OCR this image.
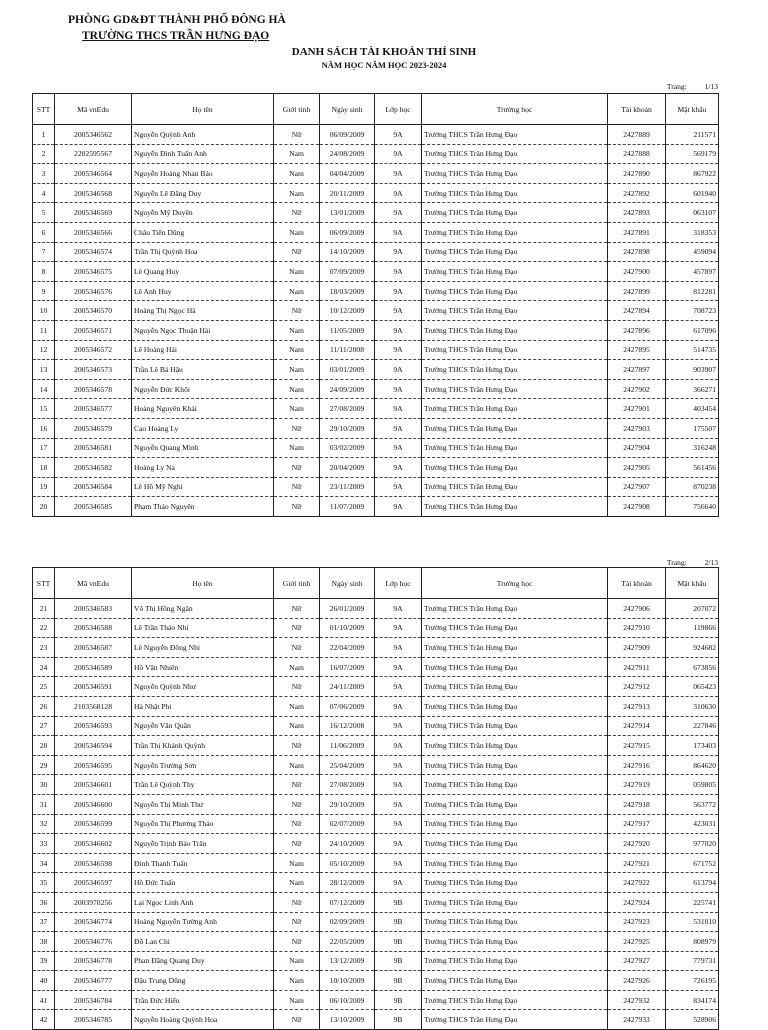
PHÒNG GD&ĐT THÀNH PHỐ ĐÔNG HÀ
TRƯỜNG THCS TRẦN HƯNG ĐẠO
DANH SÁCH TÀI KHOẢN THÍ SINH
NĂM HỌC NĂM HỌC 2023-2024
Trang: 1/13
STT	Mã vnEdu	Họ tên	Giới tính	Ngày sinh	Lớp học	Trường học	Tài khoản	Mật khẩu
1	2005346562	Nguyễn Quỳnh Anh	Nữ	06/09/2009	9A	Trường THCS Trần Hưng Đạo	2427889	211571
2	2202595567	Nguyễn Đình Tuấn Anh	Nam	24/08/2009	9A	Trường THCS Trần Hưng Đạo	2427888	569179
3	2005346564	Nguyễn Hoàng Nhan Bảo	Nam	04/04/2009	9A	Trường THCS Trần Hưng Đạo	2427890	867922
4	2005346568	Nguyễn Lê Đăng Duy	Nam	20/11/2009	9A	Trường THCS Trần Hưng Đạo	2427892	601940
5	2005346569	Nguyễn Mỹ Duyên	Nữ	13/01/2009	9A	Trường THCS Trần Hưng Đạo	2427893	063107
6	2005346566	Châu Tiến Dũng	Nam	06/09/2009	9A	Trường THCS Trần Hưng Đạo	2427891	318353
7	2005346574	Trần Thị Quỳnh Hoa	Nữ	14/10/2009	9A	Trường THCS Trần Hưng Đạo	2427898	459094
8	2005346575	Lê Quang Huy	Nam	07/09/2009	9A	Trường THCS Trần Hưng Đạo	2427900	457897
9	2005346576	Lê Anh Huy	Nam	18/03/2009	9A	Trường THCS Trần Hưng Đạo	2427899	812281
10	2005346570	Hoàng Thị Ngọc Hà	Nữ	10/12/2009	9A	Trường THCS Trần Hưng Đạo	2427894	708723
11	2005346571	Nguyễn Ngọc Thuận Hải	Nam	11/05/2009	9A	Trường THCS Trần Hưng Đạo	2427896	617096
12	2005346572	Lê Hoàng Hải	Nam	11/11/2008	9A	Trường THCS Trần Hưng Đạo	2427895	514735
13	2005346573	Trần Lê Bá Hậu	Nam	03/01/2009	9A	Trường THCS Trần Hưng Đạo	2427897	903907
14	2005346578	Nguyễn Đức Khôi	Nam	24/09/2009	9A	Trường THCS Trần Hưng Đạo	2427902	366271
15	2005346577	Hoàng Nguyên Khải	Nam	27/08/2009	9A	Trường THCS Trần Hưng Đạo	2427901	403454
16	2005346579	Cao Hoàng Ly	Nữ	29/10/2009	9A	Trường THCS Trần Hưng Đạo	2427903	175507
17	2005346581	Nguyễn Quang Minh	Nam	03/02/2009	9A	Trường THCS Trần Hưng Đạo	2427904	316248
18	2005346582	Hoàng Ly Na	Nữ	20/04/2009	9A	Trường THCS Trần Hưng Đạo	2427905	561456
19	2005346584	Lê Hồ Mỹ Nghi	Nữ	23/11/2009	9A	Trường THCS Trần Hưng Đạo	2427907	870238
20	2005346585	Phạm Thảo Nguyên	Nữ	11/07/2009	9A	Trường THCS Trần Hưng Đạo	2427908	756640
Trang: 2/13
STT	Mã vnEdu	Họ tên	Giới tính	Ngày sinh	Lớp học	Trường học	Tài khoản	Mật khẩu
21	2005346583	Võ Thị Hồng Ngân	Nữ	26/01/2009	9A	Trường THCS Trần Hưng Đạo	2427906	207072
22	2005346588	Lê Trần Thảo Nhi	Nữ	01/10/2009	9A	Trường THCS Trần Hưng Đạo	2427910	119866
23	2005346587	Lê Nguyễn Đông Nhi	Nữ	22/04/2009	9A	Trường THCS Trần Hưng Đạo	2427909	924682
24	2005346589	Hồ Văn Nhiên	Nam	16/07/2009	9A	Trường THCS Trần Hưng Đạo	2427911	673856
25	2005346591	Nguyễn Quỳnh Như	Nữ	24/11/2009	9A	Trường THCS Trần Hưng Đạo	2427912	065423
26	2103568128	Hà Nhật Phi	Nam	07/06/2009	9A	Trường THCS Trần Hưng Đạo	2427913	310630
27	2005346593	Nguyễn Văn Quân	Nam	16/12/2008	9A	Trường THCS Trần Hưng Đạo	2427914	227846
28	2005346594	Trần Thị Khánh Quỳnh	Nữ	11/06/2009	9A	Trường THCS Trần Hưng Đạo	2427915	173403
29	2005346595	Nguyễn Trường Sơn	Nam	25/04/2009	9A	Trường THCS Trần Hưng Đạo	2427916	864620
30	2005346601	Trần Lê Quỳnh Thy	Nữ	27/08/2009	9A	Trường THCS Trần Hưng Đạo	2427919	059805
31	2005346600	Nguyễn Thị Minh Thư	Nữ	29/10/2009	9A	Trường THCS Trần Hưng Đạo	2427918	563772
32	2005346599	Nguyễn Thị Phương Thảo	Nữ	02/07/2009	9A	Trường THCS Trần Hưng Đạo	2427917	423031
33	2005346602	Nguyễn Trịnh Bảo Trân	Nữ	24/10/2009	9A	Trường THCS Trần Hưng Đạo	2427920	977020
34	2005346598	Đinh Thanh Tuấn	Nam	05/10/2009	9A	Trường THCS Trần Hưng Đạo	2427921	671752
35	2005346597	Hồ Đức Tuấn	Nam	28/12/2009	9A	Trường THCS Trần Hưng Đạo	2427922	613794
36	2003970256	Lại Ngọc Linh Anh	Nữ	07/12/2009	9B	Trường THCS Trần Hưng Đạo	2427924	225741
37	2005346774	Hoàng Nguyễn Tường Anh	Nữ	02/09/2009	9B	Trường THCS Trần Hưng Đạo	2427923	531010
38	2005346776	Đỗ Lan Chi	Nữ	22/05/2009	9B	Trường THCS Trần Hưng Đạo	2427925	808979
39	2005346778	Phan Đăng Quang Duy	Nam	13/12/2009	9B	Trường THCS Trần Hưng Đạo	2427927	779731
40	2005346777	Đậu Trung Dũng	Nam	10/10/2009	9B	Trường THCS Trần Hưng Đạo	2427926	726195
41	2005346784	Trần Đức Hiếu	Nam	06/10/2009	9B	Trường THCS Trần Hưng Đạo	2427932	834174
42	2005346785	Nguyễn Hoàng Quỳnh Hoa	Nữ	13/10/2009	9B	Trường THCS Trần Hưng Đạo	2427933	528906
